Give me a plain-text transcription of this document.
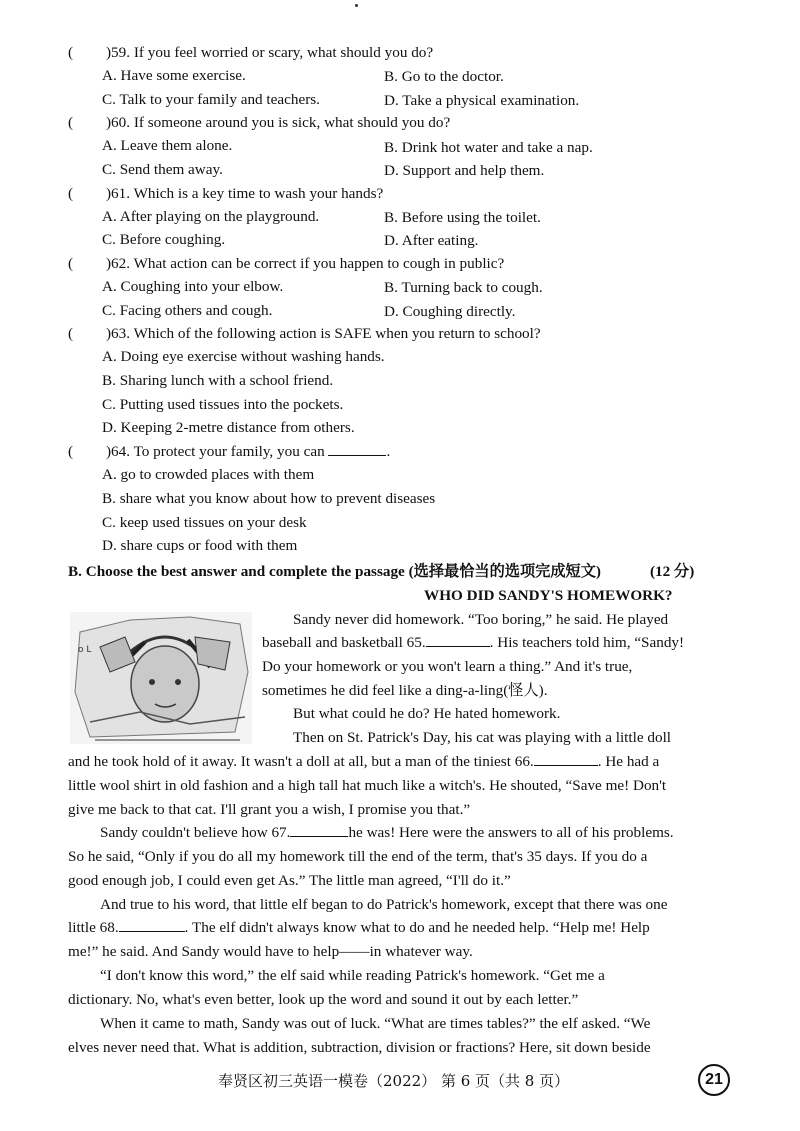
( )59. If you feel worried or scary, what should you do?
A. Have some exercise.	B. Go to the doctor.
C. Talk to your family and teachers.	D. Take a physical examination.
( )60. If someone around you is sick, what should you do?
A. Leave them alone.	B. Drink hot water and take a nap.
C. Send them away.	D. Support and help them.
( )61. Which is a key time to wash your hands?
A. After playing on the playground.	B. Before using the toilet.
C. Before coughing.	D. After eating.
( )62. What action can be correct if you happen to cough in public?
A. Coughing into your elbow.	B. Turning back to cough.
C. Facing others and cough.	D. Coughing directly.
( )63. Which of the following action is SAFE when you return to school?
A. Doing eye exercise without washing hands.
B. Sharing lunch with a school friend.
C. Putting used tissues into the pockets.
D. Keeping 2-metre distance from others.
( )64. To protect your family, you can	.
A. go to crowded places with them
B. share what you know about how to prevent diseases
C. keep used tissues on your desk
D. share cups or food with them
B. Choose the best answer and complete the passage (选择最恰当的选项完成短文)	(12 分)
WHO DID SANDY'S HOMEWORK?
o L
Sandy never did homework. “Too boring,” he said. He played
baseball and basketball 65.	. His teachers told him, “Sandy!
Do your homework or you won't learn a thing.” And it's true,
sometimes he did feel like a ding-a-ling(怪人).
But what could he do? He hated homework.
Then on St. Patrick's Day, his cat was playing with a little doll
and he took hold of it away. It wasn't a doll at all, but a man of the tiniest 66.	. He had a
little wool shirt in old fashion and a high tall hat much like a witch's. He shouted, “Save me! Don't
give me back to that cat. I'll grant you a wish, I promise you that.”
Sandy couldn't believe how 67.	he was! Here were the answers to all of his problems.
So he said, “Only if you do all my homework till the end of the term, that's 35 days. If you do a
good enough job, I could even get As.” The little man agreed, “I'll do it.”
And true to his word, that little elf began to do Patrick's homework, except that there was one
little 68.	. The elf didn't always know what to do and he needed help. “Help me! Help
me!” he said. And Sandy would have to help——in whatever way.
“I don't know this word,” the elf said while reading Patrick's homework. “Get me a
dictionary. No, what's even better, look up the word and sound it out by each letter.”
When it came to math, Sandy was out of luck. “What are times tables?” the elf asked. “We
elves never need that. What is addition, subtraction, division or fractions? Here, sit down beside
奉贤区初三英语一模卷（2022） 第 6 页（共 8 页）	21
